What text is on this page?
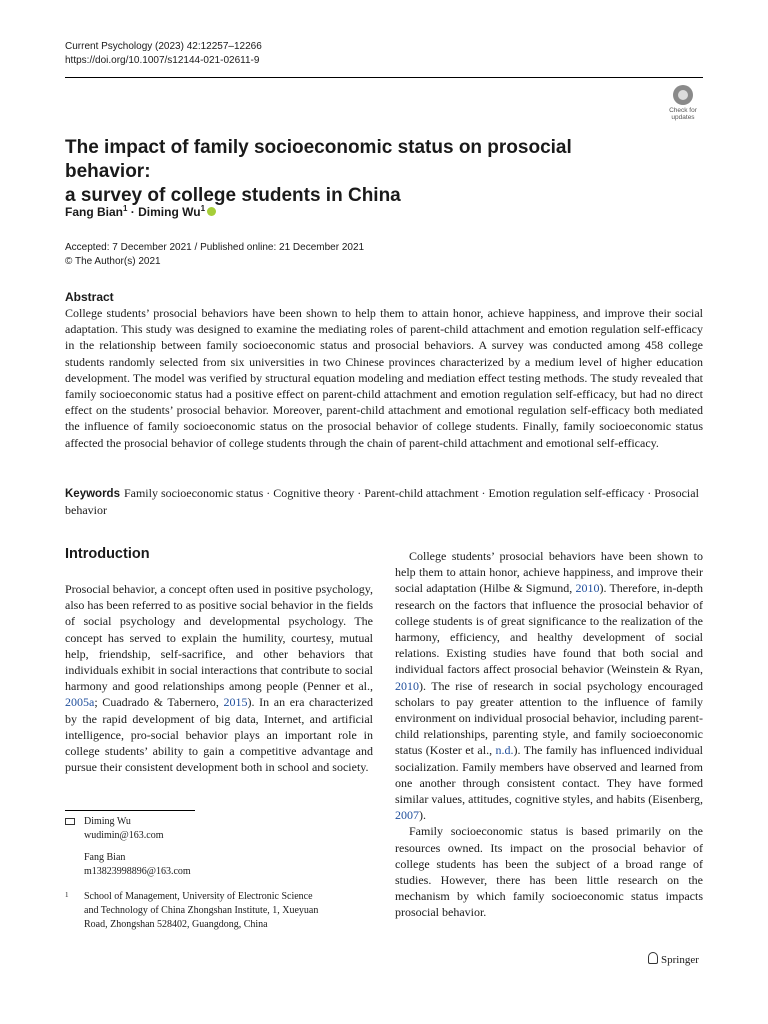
Current Psychology (2023) 42:12257–12266
https://doi.org/10.1007/s12144-021-02611-9
Check for
updates
The impact of family socioeconomic status on prosocial behavior:
a survey of college students in China
Fang Bian$^1$ · Diming Wu$^1$
Accepted: 7 December 2021 / Published online: 21 December 2021
© The Author(s) 2021
Abstract

College students’ prosocial behaviors have been shown to help them to attain honor, achieve happiness, and improve their social adaptation. This study was designed to examine the mediating roles of parent-child attachment and emotion regulation self-efficacy in the relationship between family socioeconomic status and prosocial behaviors. A survey was conducted among 458 college students randomly selected from six universities in two Chinese provinces characterized by a medium level of higher education development. The model was verified by structural equation modeling and mediation effect testing methods. The study revealed that family socioeconomic status had a positive effect on parent-child attachment and emotion regulation self-efficacy, but had no direct effect on the students’ prosocial behavior. Moreover, parent-child attachment and emotional regulation self-efficacy both mediated the influence of family socioeconomic status on the prosocial behavior of college students. Finally, family socioeconomic status affected the prosocial behavior of college students through the chain of parent-child attachment and emotional self-efficacy.

Keywords Family socioeconomic status · Cognitive theory · Parent-child attachment · Emotion regulation self-efficacy · Prosocial behavior
Introduction

Prosocial behavior, a concept often used in positive psychology, also has been referred to as positive social behavior in the fields of social psychology and developmental psychology. The concept has served to explain the humility, courtesy, mutual help, friendship, self-sacrifice, and other behaviors that individuals exhibit in social interactions that contribute to social harmony and good relationships among people (Penner et al., 2005a; Cuadrado & Tabernero, 2015). In an era characterized by the rapid development of big data, Internet, and artificial intelligence, pro-social behavior plays an important role in college students’ ability to gain a competitive advantage and pursue their consistent development both in school and society.

College students’ prosocial behaviors have been shown to help them to attain honor, achieve happiness, and improve their social adaptation (Hilbe & Sigmund, 2010). Therefore, in-depth research on the factors that influence the prosocial behavior of college students is of great significance to the realization of the harmony, efficiency, and healthy development of social relations. Existing studies have found that both social and individual factors affect prosocial behavior (Weinstein & Ryan, 2010). The rise of research in social psychology encouraged scholars to pay greater attention to the influence of family environment on individual prosocial behavior, including parent-child relationships, parenting style, and family socioeconomic status (Koster et al., n.d.). The family has influenced individual socialization. Family members have observed and learned from one another through consistent contact. They have formed similar values, attitudes, cognitive styles, and habits (Eisenberg, 2007).

Family socioeconomic status is based primarily on the resources owned. Its impact on the prosocial behavior of college students has been the subject of a broad range of studies. However, there has been little research on the mechanism by which family socioeconomic status impacts prosocial behavior.

Diming Wu
wudimin@163.com
Fang Bian
m13823998896@163.com
1 School of Management, University of Electronic Science
and Technology of China Zhongshan Institute, 1, Xueyuan
Road, Zhongshan 528402, Guangdong, China
Springer
